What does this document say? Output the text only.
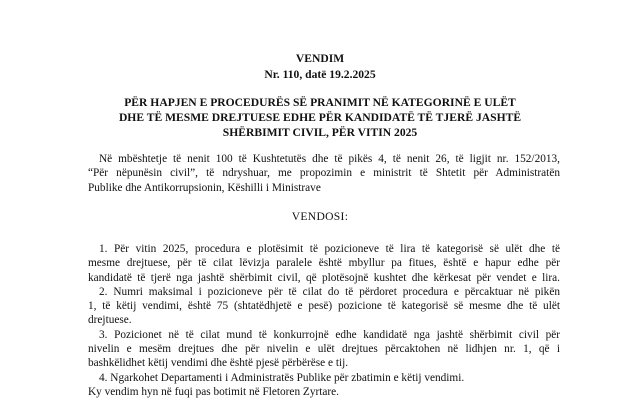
VENDIM
Nr. 110, datë 19.2.2025
PËR HAPJEN E PROCEDURËS SË PRANIMIT NË KATEGORINË E ULËT
DHE TË MESME DREJTUESE EDHE PËR KANDIDATË TË TJERË JASHTË
SHËRBIMIT CIVIL, PËR VITIN 2025
Në mbështetje të nenit 100 të Kushtetutës dhe të pikës 4, të nenit 26, të ligjit nr. 152/2013,
“Për nëpunësin civil”, të ndryshuar, me propozimin e ministrit të Shtetit për Administratën
Publike dhe Antikorrupsionin, Këshilli i Ministrave
VENDOSI:
1. Për vitin 2025, procedura e plotësimit të pozicioneve të lira të kategorisë së ulët dhe të
mesme drejtuese, për të cilat lëvizja paralele është mbyllur pa fitues, është e hapur edhe për
kandidatë të tjerë nga jashtë shërbimit civil, që plotësojnë kushtet dhe kërkesat për vendet e lira.
2. Numri maksimal i pozicioneve për të cilat do të përdoret procedura e përcaktuar në pikën
1, të këtij vendimi, është 75 (shtatëdhjetë e pesë) pozicione të kategorisë së mesme dhe të ulët
drejtuese.
3. Pozicionet në të cilat mund të konkurrojnë edhe kandidatë nga jashtë shërbimit civil për
nivelin e mesëm drejtues dhe për nivelin e ulët drejtues përcaktohen në lidhjen nr. 1, që i
bashkëlidhet këtij vendimi dhe është pjesë përbërëse e tij.
4. Ngarkohet Departamenti i Administratës Publike për zbatimin e këtij vendimi.
Ky vendim hyn në fuqi pas botimit në Fletoren Zyrtare.
